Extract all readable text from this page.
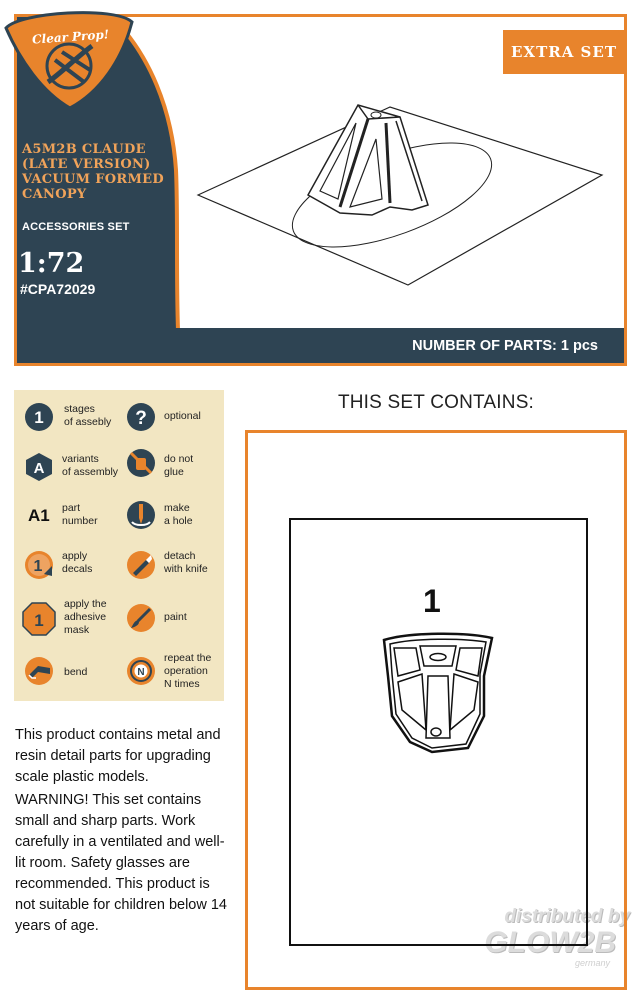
Clear Prop!
EXTRA SET
A5M2B CLAUDE
(LATE VERSION)
VACUUM FORMED
CANOPY
ACCESSORIES SET
1:72
#CPA72029
NUMBER OF PARTS: 1 pcs
1 stages
of assebly ? optional
A
variants
of assembly
do not
glue
A1 part
number
make
a hole
1
apply
decals
detach
with knife
1
apply the
adhesive
mask
paint
bend	N
repeat the
operation
N times

This product contains metal and resin detail parts for upgrading scale plastic models.

WARNING! This set contains small and sharp parts. Work carefully in a ventilated and well-lit room. Safety glasses are recommended. This product is not suitable for children below 14 years of age.	distributed by
GLOW2B
germany
THIS SET CONTAINS:
1
